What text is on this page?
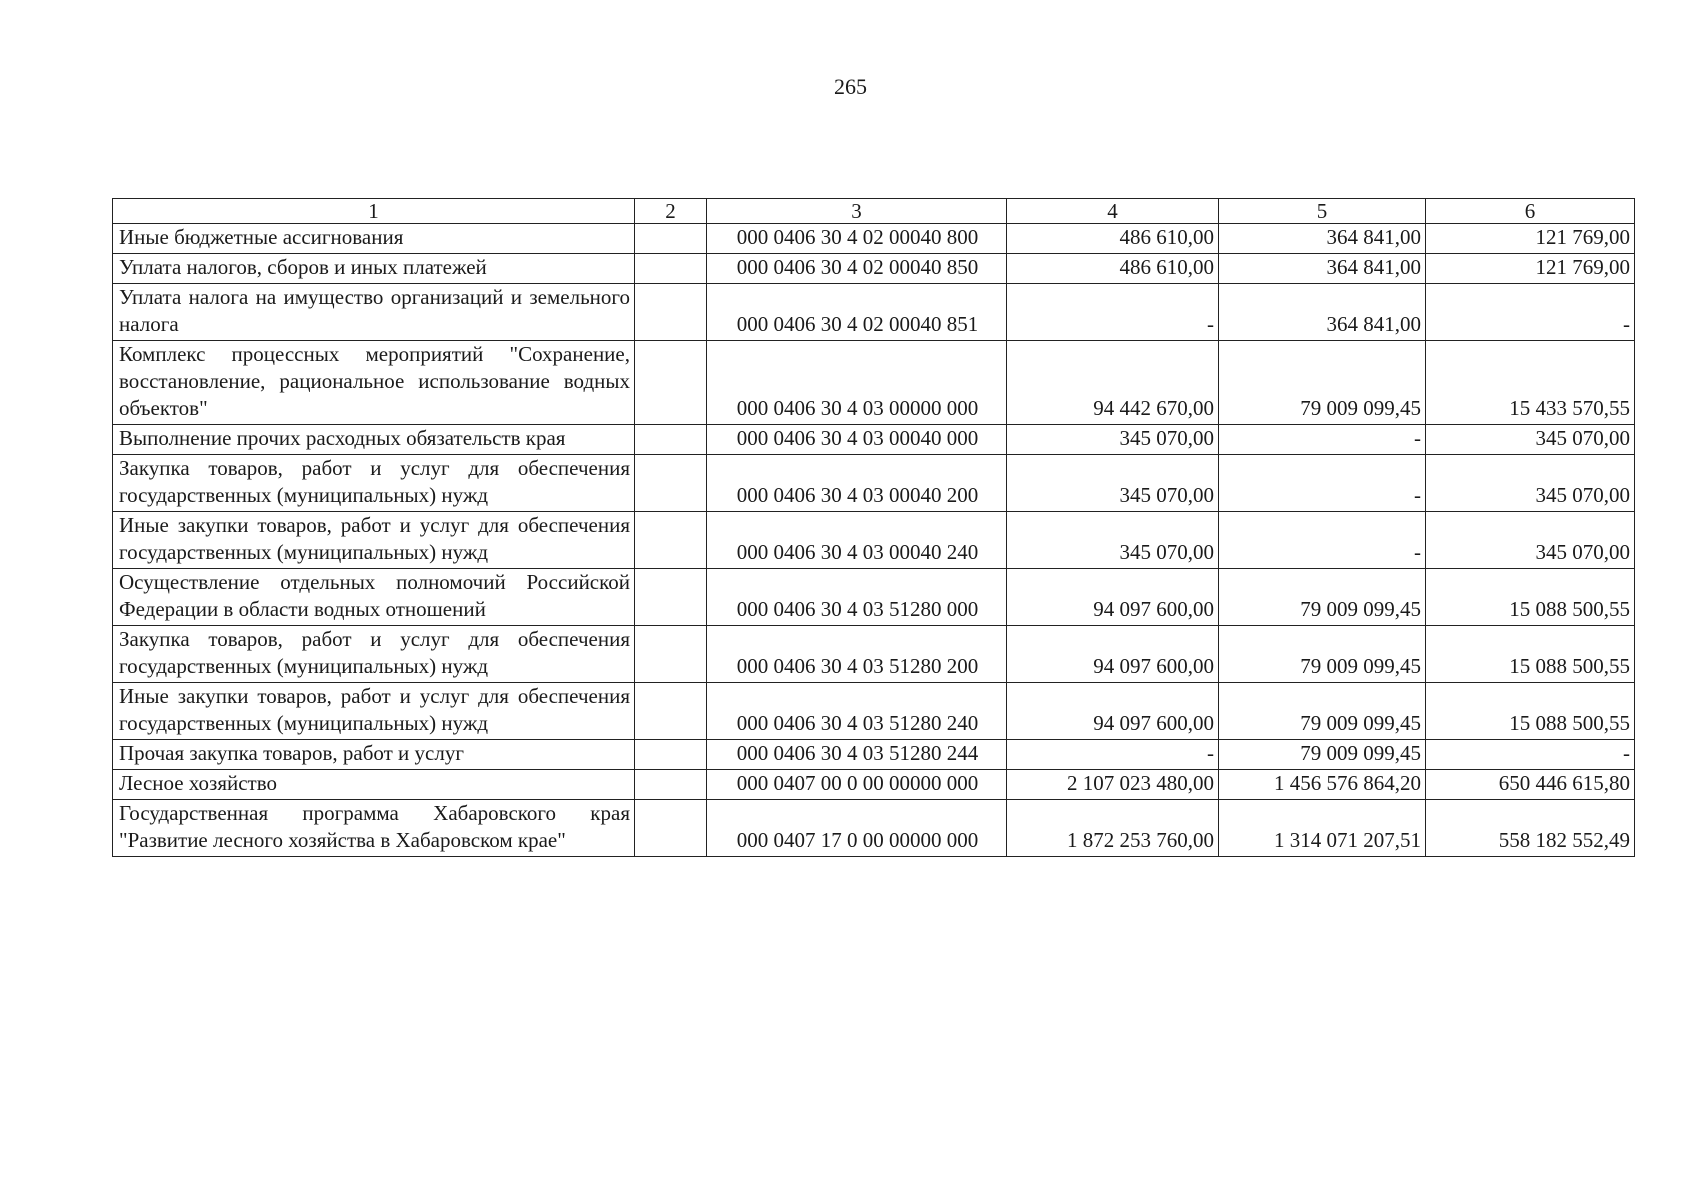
265
1	2	3	4	5	6
Иные бюджетные ассигнования		000 0406 30 4 02 00040 800	486 610,00	364 841,00	121 769,00
Уплата налогов, сборов и иных платежей		000 0406 30 4 02 00040 850	486 610,00	364 841,00	121 769,00
Уплата налога на имущество организаций и земельного налога		000 0406 30 4 02 00040 851	-	364 841,00	-
Комплекс процессных мероприятий "Сохранение, восстановление, рациональное использование водных объектов"		000 0406 30 4 03 00000 000	94 442 670,00	79 009 099,45	15 433 570,55
Выполнение прочих расходных обязательств края		000 0406 30 4 03 00040 000	345 070,00	-	345 070,00
Закупка товаров, работ и услуг для обеспечения государственных (муниципальных) нужд		000 0406 30 4 03 00040 200	345 070,00	-	345 070,00
Иные закупки товаров, работ и услуг для обеспечения государственных (муниципальных) нужд		000 0406 30 4 03 00040 240	345 070,00	-	345 070,00
Осуществление отдельных полномочий Российской Федерации в области водных отношений		000 0406 30 4 03 51280 000	94 097 600,00	79 009 099,45	15 088 500,55
Закупка товаров, работ и услуг для обеспечения государственных (муниципальных) нужд		000 0406 30 4 03 51280 200	94 097 600,00	79 009 099,45	15 088 500,55
Иные закупки товаров, работ и услуг для обеспечения государственных (муниципальных) нужд		000 0406 30 4 03 51280 240	94 097 600,00	79 009 099,45	15 088 500,55
Прочая закупка товаров, работ и услуг		000 0406 30 4 03 51280 244	-	79 009 099,45	-
Лесное хозяйство		000 0407 00 0 00 00000 000	2 107 023 480,00	1 456 576 864,20	650 446 615,80
Государственная программа Хабаровского края "Развитие лесного хозяйства в Хабаровском крае"		000 0407 17 0 00 00000 000	1 872 253 760,00	1 314 071 207,51	558 182 552,49
